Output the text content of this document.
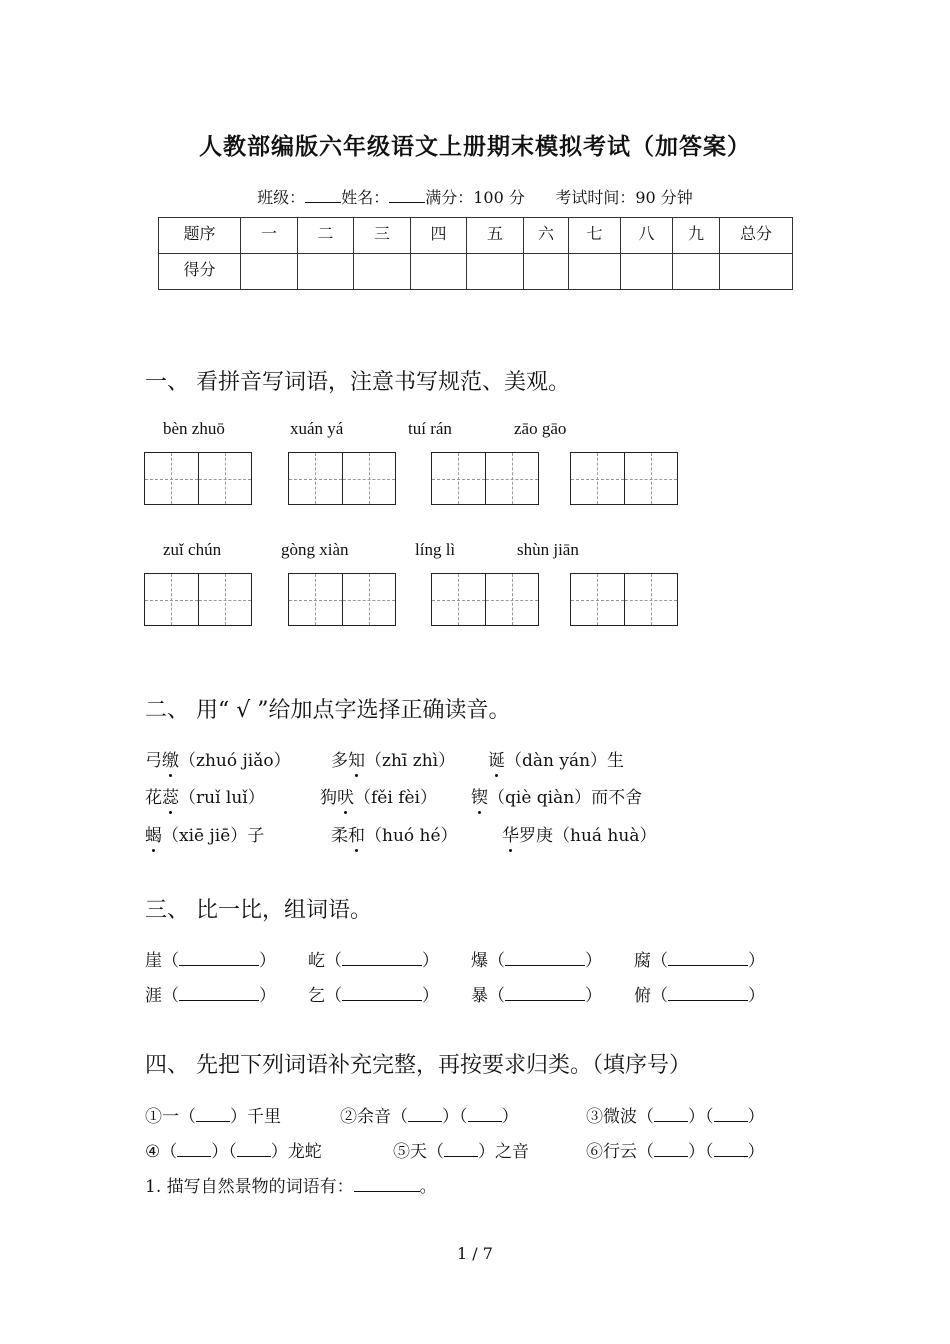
人教部编版六年级语文上册期末模拟考试（加答案）
班级： 姓名： 满分：100 分 考试时间：90 分钟
题序	一	二	三	四	五	六	七	八	九	总分
得分										
一、 看拼音写词语，注意书写规范、美观。
bèn zhuō	xuán yá	tuí rán	zāo gāo
zuǐ chún	gòng xiàn	líng lì	shùn jiān
二、 用“ √ ”给加点字选择正确读音。
弓缴（zhuó jiǎo） 多知（zhī zhì） 诞（dàn yán）生
花蕊（ruǐ luǐ）	狗吠（fěi fèi） 锲（qiè qiàn）而不舍
蝎（xiē jiē）子	柔和（huó hé）	华罗庚（huá huà）
三、 比一比，组词语。
崖（	） 屹（	） 爆（	） 腐（	）
涯（	） 乞（	） 暴（	） 俯（	）
四、 先把下列词语补充完整，再按要求归类。（填序号）
①一（ ）千里	②余音（ ）（ ）	③微波（ ）（ ）
④（ ）（ ）龙蛇	⑤天（ ）之音	⑥行云（ ）（ ）
1. 描写自然景物的词语有：	。
1 / 7
